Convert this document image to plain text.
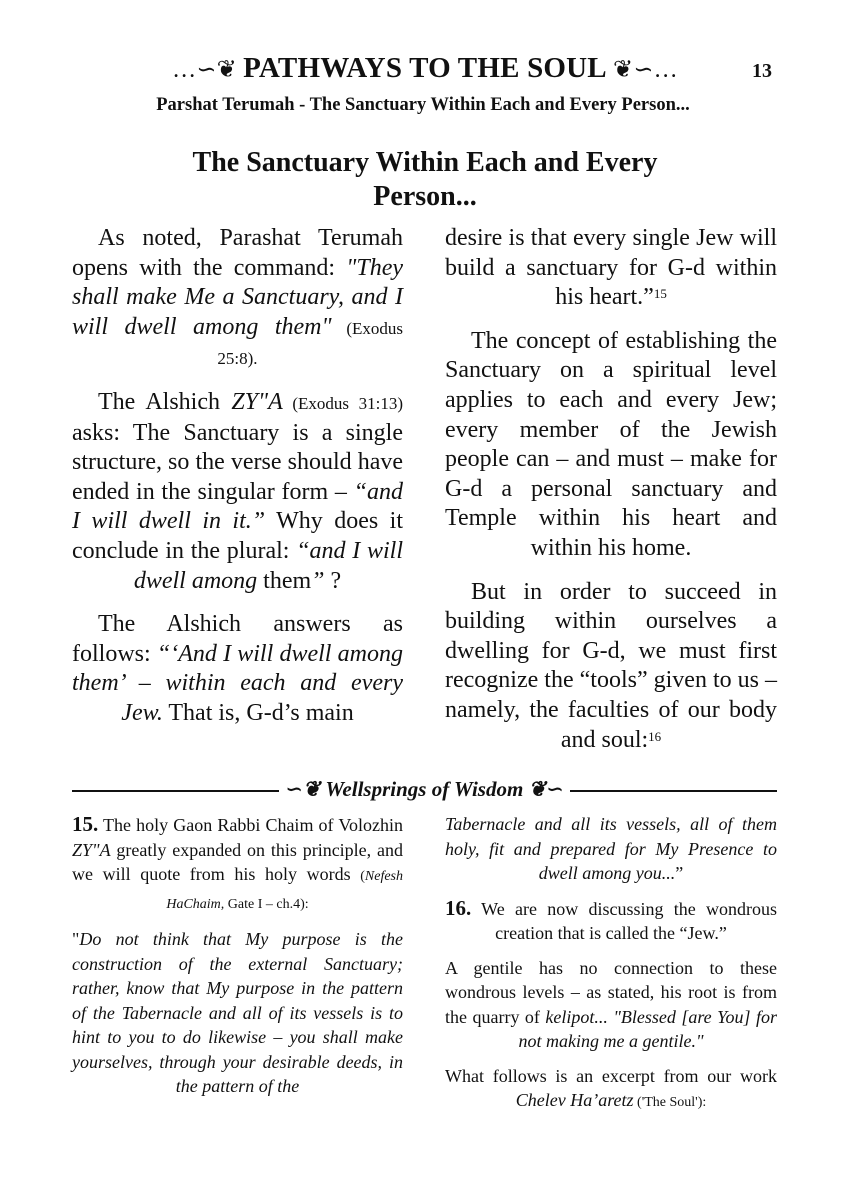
…∽❦ PATHWAYS TO THE SOUL ❦∽…	13
Parshat Terumah - The Sanctuary Within Each and Every Person...
The Sanctuary Within Each and Every Person...

As noted, Parashat Terumah opens with the command: "They shall make Me a Sanctuary, and I will dwell among them" (Exodus 25:8).

The Alshich ZY"A (Exodus 31:13) asks: The Sanctuary is a single structure, so the verse should have ended in the singular form – “and I will dwell in it.” Why does it conclude in the plural: “and I will dwell among them” ?

The Alshich answers as follows: “‘And I will dwell among them’ – within each and every Jew. That is, G-d’s main

desire is that every single Jew will build a sanctuary for G-d within his heart.”$^{15}$

The concept of establishing the Sanctuary on a spiritual level applies to each and every Jew; every member of the Jewish people can – and must – make for G-d a personal sanctuary and Temple within his heart and within his home.

But in order to succeed in building within ourselves a dwelling for G-d, we must first recognize the “tools” given to us – namely, the faculties of our body and soul:$^{16}$

∽❦ Wellsprings of Wisdom ❦∽

15. The holy Gaon Rabbi Chaim of Volozhin ZY"A greatly expanded on this principle, and we will quote from his holy words (Nefesh HaChaim, Gate I – ch.4):

"Do not think that My purpose is the construction of the external Sanctuary; rather, know that My purpose in the pattern of the Tabernacle and all of its vessels is to hint to you to do likewise – you shall make yourselves, through your desirable deeds, in the pattern of the

Tabernacle and all its vessels, all of them holy, fit and prepared for My Presence to dwell among you...”

16. We are now discussing the wondrous creation that is called the “Jew.”

A gentile has no connection to these wondrous levels – as stated, his root is from the quarry of kelipot... "Blessed [are You] for not making me a gentile."

What follows is an excerpt from our work Chelev Ha’aretz ('The Soul'):
